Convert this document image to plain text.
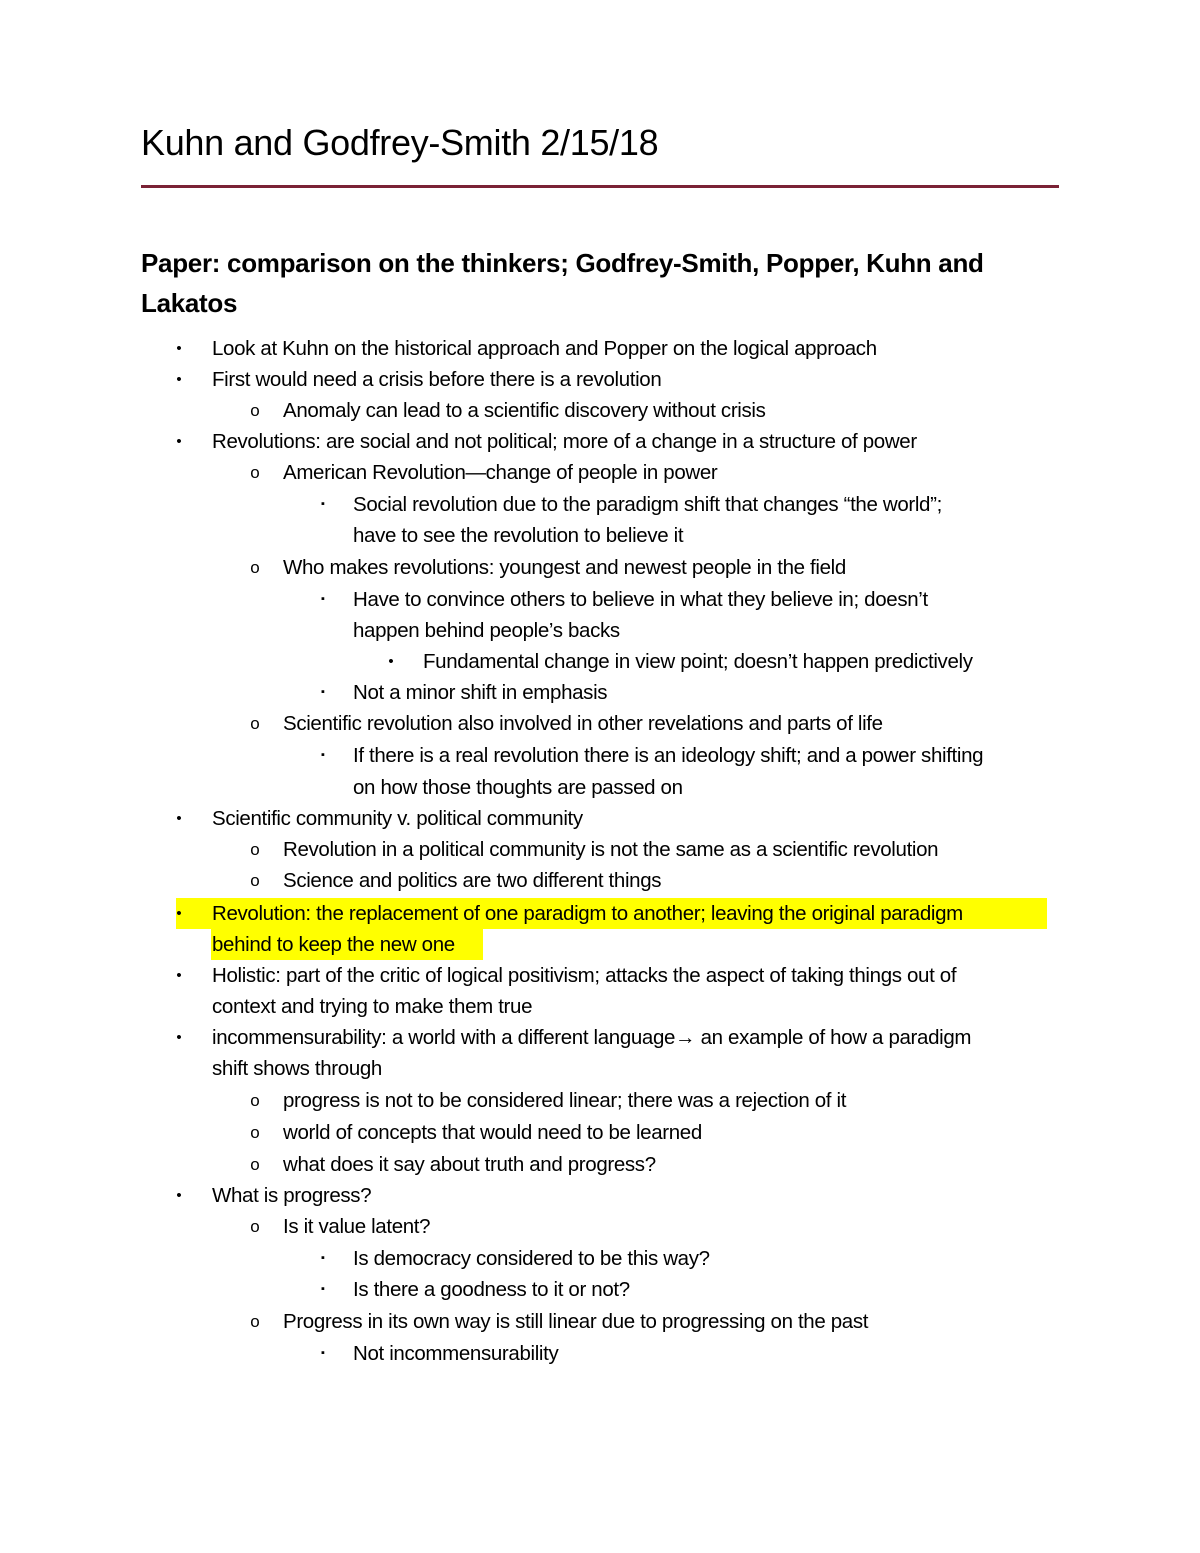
Kuhn and Godfrey-Smith 2/15/18
Paper: comparison on the thinkers; Godfrey-Smith, Popper, Kuhn and Lakatos
• Look at Kuhn on the historical approach and Popper on the logical approach
• First would need a crisis before there is a revolution
o Anomaly can lead to a scientific discovery without crisis
• Revolutions: are social and not political; more of a change in a structure of power
o American Revolution—change of people in power
▪ Social revolution due to the paradigm shift that changes “the world”;
have to see the revolution to believe it
o Who makes revolutions: youngest and newest people in the field
▪ Have to convince others to believe in what they believe in; doesn’t
happen behind people’s backs
• Fundamental change in view point; doesn’t happen predictively
▪ Not a minor shift in emphasis
o Scientific revolution also involved in other revelations and parts of life
▪ If there is a real revolution there is an ideology shift; and a power shifting
on how those thoughts are passed on
• Scientific community v. political community
o Revolution in a political community is not the same as a scientific revolution
o Science and politics are two different things
• Revolution: the replacement of one paradigm to another; leaving the original paradigm
behind to keep the new one
• Holistic: part of the critic of logical positivism; attacks the aspect of taking things out of
context and trying to make them true
• incommensurability: a world with a different language→ an example of how a paradigm
shift shows through
o progress is not to be considered linear; there was a rejection of it
o world of concepts that would need to be learned
o what does it say about truth and progress?
• What is progress?
o Is it value latent?
▪ Is democracy considered to be this way?
▪ Is there a goodness to it or not?
o Progress in its own way is still linear due to progressing on the past
▪ Not incommensurability
